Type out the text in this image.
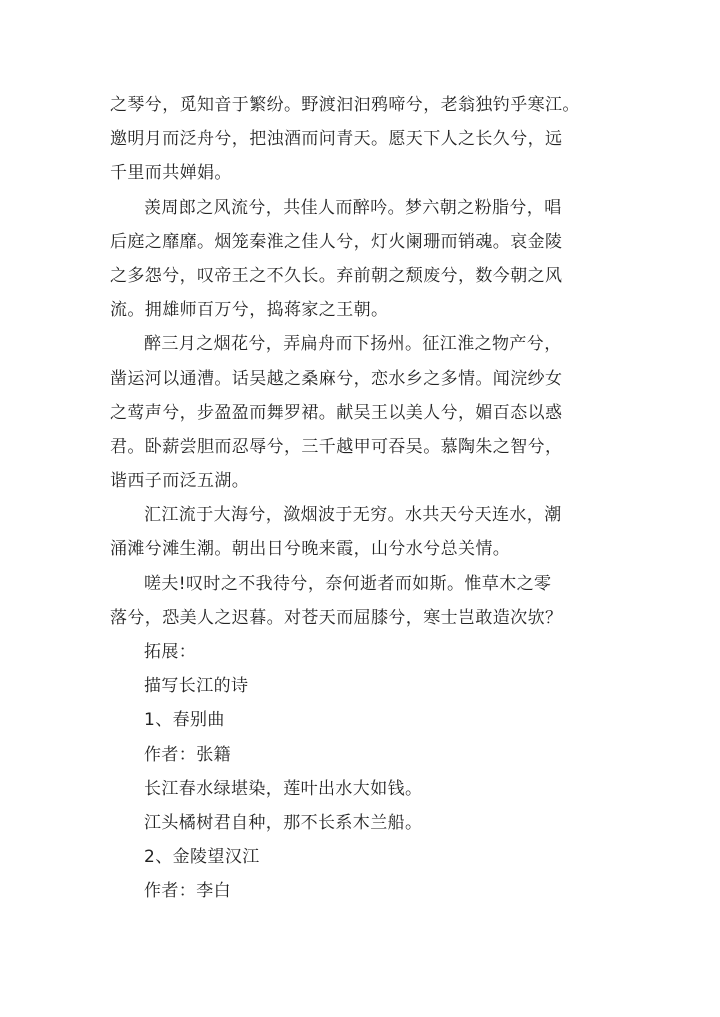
之琴兮，觅知音于繁纷。野渡汩汩鸦啼兮，老翁独钓乎寒江。
邀明月而泛舟兮，把浊酒而问青天。愿天下人之长久兮，远
千里而共婵娟。
羡周郎之风流兮，共佳人而醉吟。梦六朝之粉脂兮，唱
后庭之靡靡。烟笼秦淮之佳人兮，灯火阑珊而销魂。哀金陵
之多怨兮，叹帝王之不久长。弃前朝之颓废兮，数今朝之风
流。拥雄师百万兮，捣蒋家之王朝。
醉三月之烟花兮，弄扁舟而下扬州。征江淮之物产兮，
凿运河以通漕。话吴越之桑麻兮，恋水乡之多情。闻浣纱女
之莺声兮，步盈盈而舞罗裙。献吴王以美人兮，媚百态以惑
君。卧薪尝胆而忍辱兮，三千越甲可吞吴。慕陶朱之智兮，
谐西子而泛五湖。
汇江流于大海兮，潋烟波于无穷。水共天兮天连水，潮
涌滩兮滩生潮。朝出日兮晚来霞，山兮水兮总关情。
嗟夫!叹时之不我待兮，奈何逝者而如斯。惟草木之零
落兮，恐美人之迟暮。对苍天而屈膝兮，寒士岂敢造次欤？
拓展：
描写长江的诗
1、春别曲
作者：张籍
长江春水绿堪染，莲叶出水大如钱。
江头橘树君自种，那不长系木兰船。
2、金陵望汉江
作者：李白
